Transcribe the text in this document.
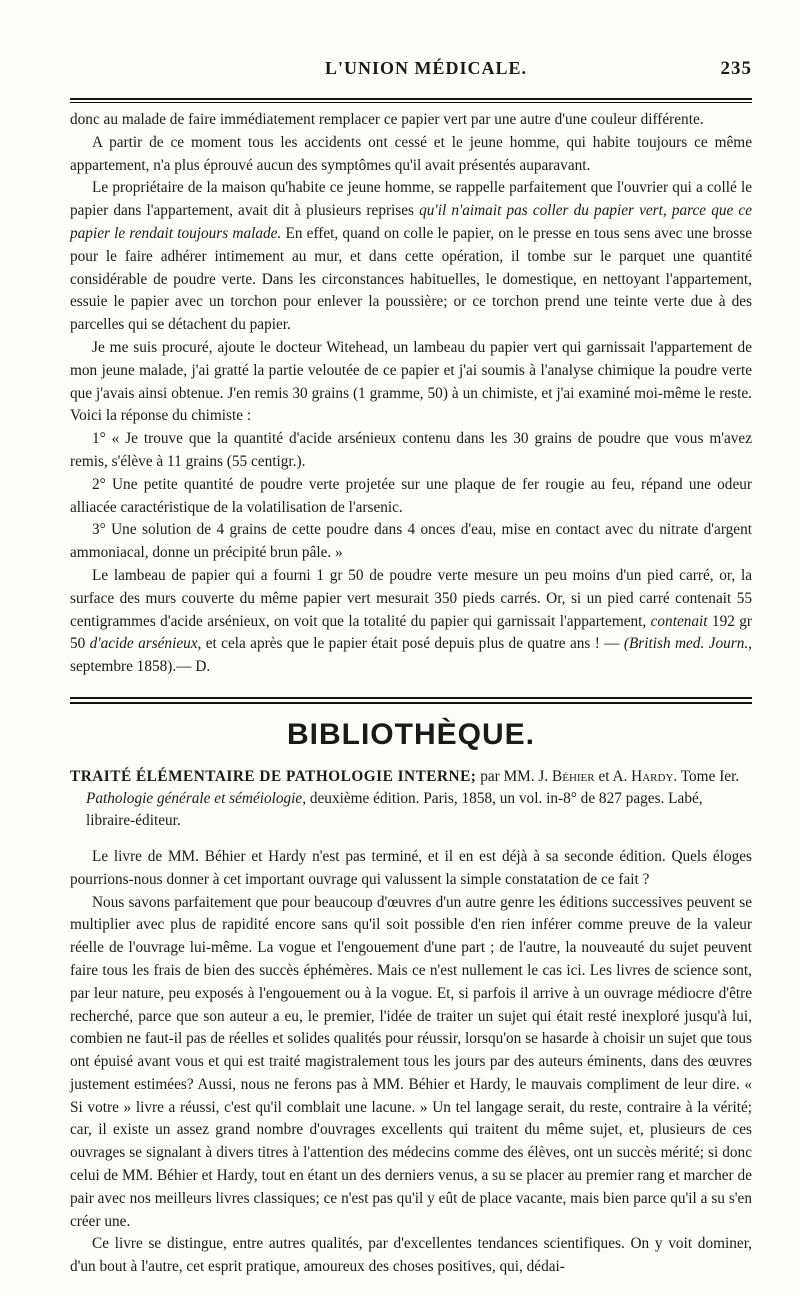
L'UNION MÉDICALE.	235

donc au malade de faire immédiatement remplacer ce papier vert par une autre d'une couleur différente.

A partir de ce moment tous les accidents ont cessé et le jeune homme, qui habite toujours ce même appartement, n'a plus éprouvé aucun des symptômes qu'il avait présentés auparavant.

Le propriétaire de la maison qu'habite ce jeune homme, se rappelle parfaitement que l'ouvrier qui a collé le papier dans l'appartement, avait dit à plusieurs reprises qu'il n'aimait pas coller du papier vert, parce que ce papier le rendait toujours malade. En effet, quand on colle le papier, on le presse en tous sens avec une brosse pour le faire adhérer intimement au mur, et dans cette opération, il tombe sur le parquet une quantité considérable de poudre verte. Dans les circonstances habituelles, le domestique, en nettoyant l'appartement, essuie le papier avec un torchon pour enlever la poussière; or ce torchon prend une teinte verte due à des parcelles qui se détachent du papier.

Je me suis procuré, ajoute le docteur Witehead, un lambeau du papier vert qui garnissait l'appartement de mon jeune malade, j'ai gratté la partie veloutée de ce papier et j'ai soumis à l'analyse chimique la poudre verte que j'avais ainsi obtenue. J'en remis 30 grains (1 gramme, 50) à un chimiste, et j'ai examiné moi-même le reste. Voici la réponse du chimiste :

1° « Je trouve que la quantité d'acide arsénieux contenu dans les 30 grains de poudre que vous m'avez remis, s'élève à 11 grains (55 centigr.).

2° Une petite quantité de poudre verte projetée sur une plaque de fer rougie au feu, répand une odeur alliacée caractéristique de la volatilisation de l'arsenic.

3° Une solution de 4 grains de cette poudre dans 4 onces d'eau, mise en contact avec du nitrate d'argent ammoniacal, donne un précipité brun pâle. »

Le lambeau de papier qui a fourni 1 gr 50 de poudre verte mesure un peu moins d'un pied carré, or, la surface des murs couverte du même papier vert mesurait 350 pieds carrés. Or, si un pied carré contenait 55 centigrammes d'acide arsénieux, on voit que la totalité du papier qui garnissait l'appartement, contenait 192 gr 50 d'acide arsénieux, et cela après que le papier était posé depuis plus de quatre ans ! — (British med. Journ., septembre 1858).— D.

BIBLIOTHÈQUE.
TRAITÉ ÉLÉMENTAIRE DE PATHOLOGIE INTERNE; par MM. J. Béhier et A. Hardy. Tome Ier. Pathologie générale et séméiologie, deuxième édition. Paris, 1858, un vol. in-8° de 827 pages. Labé, libraire-éditeur.

Le livre de MM. Béhier et Hardy n'est pas terminé, et il en est déjà à sa seconde édition. Quels éloges pourrions-nous donner à cet important ouvrage qui valussent la simple constatation de ce fait ?

Nous savons parfaitement que pour beaucoup d'œuvres d'un autre genre les éditions successives peuvent se multiplier avec plus de rapidité encore sans qu'il soit possible d'en rien inférer comme preuve de la valeur réelle de l'ouvrage lui-même. La vogue et l'engouement d'une part ; de l'autre, la nouveauté du sujet peuvent faire tous les frais de bien des succès éphémères. Mais ce n'est nullement le cas ici. Les livres de science sont, par leur nature, peu exposés à l'engouement ou à la vogue. Et, si parfois il arrive à un ouvrage médiocre d'être recherché, parce que son auteur a eu, le premier, l'idée de traiter un sujet qui était resté inexploré jusqu'à lui, combien ne faut-il pas de réelles et solides qualités pour réussir, lorsqu'on se hasarde à choisir un sujet que tous ont épuisé avant vous et qui est traité magistralement tous les jours par des auteurs éminents, dans des œuvres justement estimées? Aussi, nous ne ferons pas à MM. Béhier et Hardy, le mauvais compliment de leur dire. « Si votre » livre a réussi, c'est qu'il comblait une lacune. » Un tel langage serait, du reste, contraire à la vérité; car, il existe un assez grand nombre d'ouvrages excellents qui traitent du même sujet, et, plusieurs de ces ouvrages se signalant à divers titres à l'attention des médecins comme des élèves, ont un succès mérité; si donc celui de MM. Béhier et Hardy, tout en étant un des derniers venus, a su se placer au premier rang et marcher de pair avec nos meilleurs livres classiques; ce n'est pas qu'il y eût de place vacante, mais bien parce qu'il a su s'en créer une.

Ce livre se distingue, entre autres qualités, par d'excellentes tendances scientifiques. On y voit dominer, d'un bout à l'autre, cet esprit pratique, amoureux des choses positives, qui, dédai-
